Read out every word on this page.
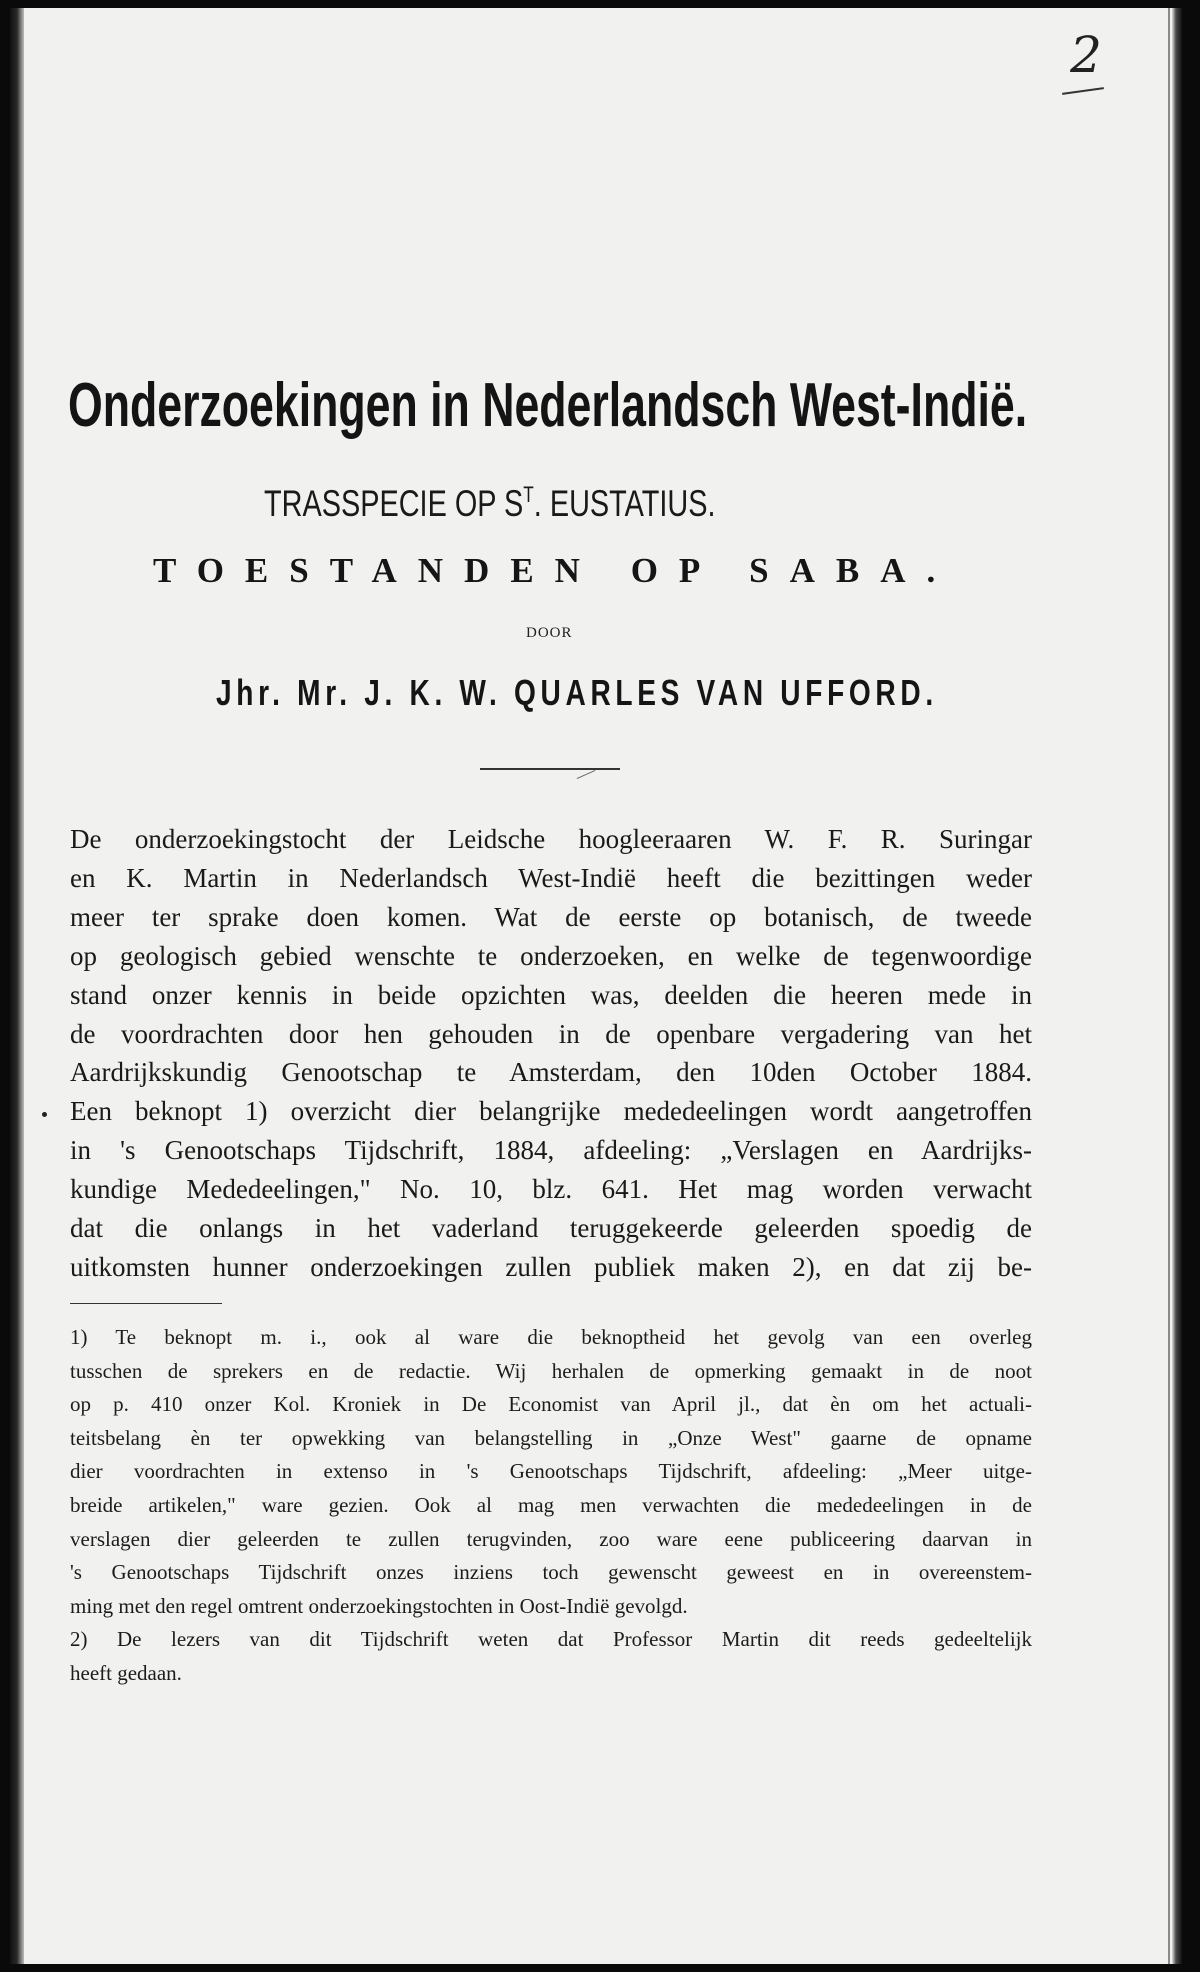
2
Onderzoekingen in Nederlandsch West-Indië.
TRASSPECIE OP $S^T$. EUSTATIUS.
TOESTANDEN OP SABA.
DOOR
Jhr. Mr. J. K. W. QUARLES VAN UFFORD.
De onderzoekingstocht der Leidsche hoogleeraaren W. F. R. Suringar
en K. Martin in Nederlandsch West-Indië heeft die bezittingen weder
meer ter sprake doen komen. Wat de eerste op botanisch, de tweede
op geologisch gebied wenschte te onderzoeken, en welke de tegenwoordige
stand onzer kennis in beide opzichten was, deelden die heeren mede in
de voordrachten door hen gehouden in de openbare vergadering van het
Aardrijkskundig Genootschap te Amsterdam, den 10den October 1884.
Een beknopt 1) overzicht dier belangrijke mededeelingen wordt aangetroffen
in 's Genootschaps Tijdschrift, 1884, afdeeling: „Verslagen en Aardrijks-
kundige Mededeelingen," No. 10, blz. 641. Het mag worden verwacht
dat die onlangs in het vaderland teruggekeerde geleerden spoedig de
uitkomsten hunner onderzoekingen zullen publiek maken 2), en dat zij be-
1) Te beknopt m. i., ook al ware die beknoptheid het gevolg van een overleg
tusschen de sprekers en de redactie. Wij herhalen de opmerking gemaakt in de noot
op p. 410 onzer Kol. Kroniek in De Economist van April jl., dat èn om het actuali-
teitsbelang èn ter opwekking van belangstelling in „Onze West" gaarne de opname
dier voordrachten in extenso in 's Genootschaps Tijdschrift, afdeeling: „Meer uitge-
breide artikelen," ware gezien. Ook al mag men verwachten die mededeelingen in de
verslagen dier geleerden te zullen terugvinden, zoo ware eene publiceering daarvan in
's Genootschaps Tijdschrift onzes inziens toch gewenscht geweest en in overeenstem-
ming met den regel omtrent onderzoekingstochten in Oost-Indië gevolgd.
2) De lezers van dit Tijdschrift weten dat Professor Martin dit reeds gedeeltelijk
heeft gedaan.
